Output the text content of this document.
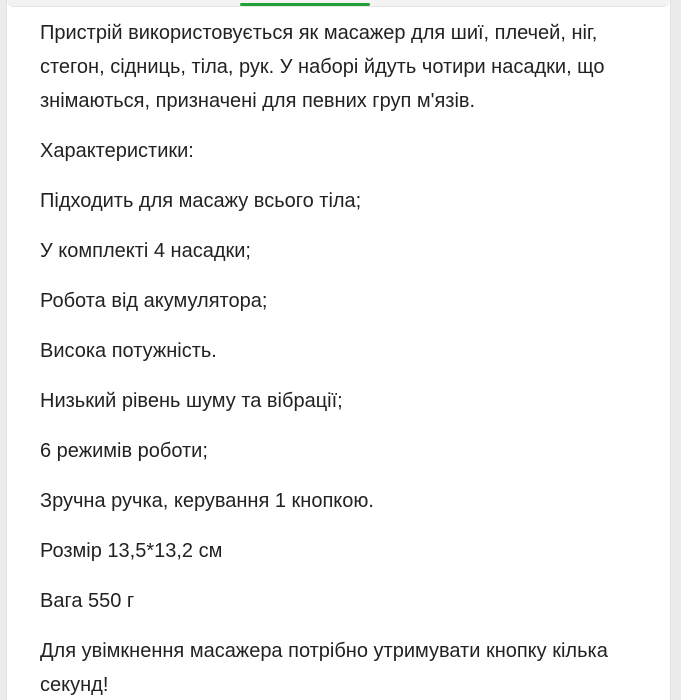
Пристрій використовується як масажер для шиї, плечей, ніг, стегон, сідниць, тіла, рук. У наборі йдуть чотири насадки, що знімаються, призначені для певних груп м'язів.

Характеристики:

Підходить для масажу всього тіла;

У комплекті 4 насадки;

Робота від акумулятора;

Висока потужність.

Низький рівень шуму та вібрації;

6 режимів роботи;

Зручна ручка, керування 1 кнопкою.

Розмір 13,5*13,2 см

Вага 550 г

Для увімкнення масажера потрібно утримувати кнопку кілька секунд!
